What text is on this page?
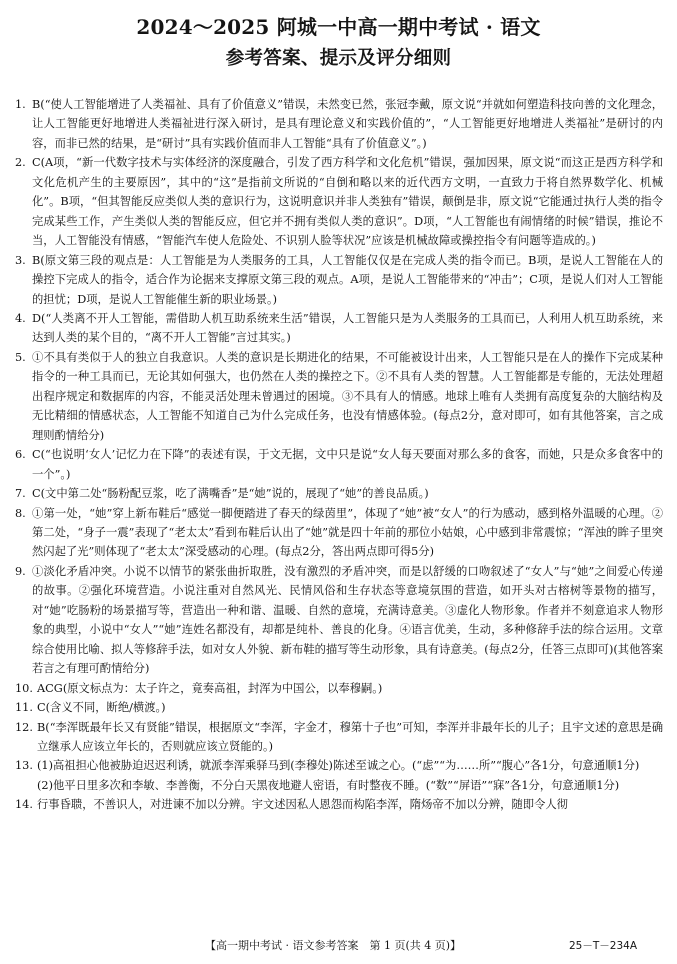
2024～2025 阿城一中高一期中考试 · 语文
参考答案、提示及评分细则
1. B(“使人工智能增进了人类福祉、具有了价值意义”错误，未然变已然，张冠李戴，原文说“并就如何塑造科技向善的文化理念，让人工智能更好地增进人类福祉进行深入研讨，是具有理论意义和实践价值的”，“人工智能更好地增进人类福祉”是研讨的内容，而非已然的结果，是“研讨”具有实践价值而非人工智能“具有了价值意义”。)
2. C(A项，“新一代数字技术与实体经济的深度融合，引发了西方科学和文化危机”错误，强加因果，原文说“而这正是西方科学和文化危机产生的主要原因”，其中的“这”是指前文所说的“自倒和略以来的近代西方文明，一直致力于将自然界数学化、机械化”。B项，“但其智能反应类似人类的意识行为，这说明意识并非人类独有”错误，颠倒是非，原文说“它能通过执行人类的指令完成某些工作，产生类似人类的智能反应，但它并不拥有类似人类的意识”。D项，“人工智能也有闹情绪的时候”错误，推论不当，人工智能没有情感，“智能汽车使人危险处、不识别人脸等状况”应该是机械故障或操控指令有问题等造成的。)
3. B(原文第三段的观点是：人工智能是为人类服务的工具，人工智能仅仅是在完成人类的指令而已。B项，是说人工智能在人的操控下完成人的指令，适合作为论据来支撑原文第三段的观点。A项，是说人工智能带来的“冲击”；C项，是说人们对人工智能的担忧；D项，是说人工智能催生新的职业场景。)
4. D(“人类离不开人工智能，需借助人机互助系统来生活”错误，人工智能只是为人类服务的工具而已，人利用人机互助系统，来达到人类的某个目的，“离不开人工智能”言过其实。)
5. ①不具有类似于人的独立自我意识。人类的意识是长期进化的结果，不可能被设计出来，人工智能只是在人的操作下完成某种指令的一种工具而已，无论其如何强大，也仍然在人类的操控之下。②不具有人类的智慧。人工智能都是专能的，无法处理超出程序规定和数据库的内容，不能灵活处理未曾遇过的困境。③不具有人的情感。地球上唯有人类拥有高度复杂的大脑结构及无比精细的情感状态，人工智能不知道自己为什么完成任务，也没有情感体验。(每点2分，意对即可，如有其他答案，言之成理则酌情给分)
6. C(“也说明‘女人’记忆力在下降”的表述有误，于文无据，文中只是说“女人每天要面对那么多的食客，而她，只是众多食客中的一个”。)
7. C(文中第二处“肠粉配豆浆，吃了满嘴香”是“她”说的，展现了“她”的善良品质。)
8. ①第一处，“她”穿上新布鞋后“感觉一脚便踏进了春天的绿茵里”，体现了“她”被“女人”的行为感动，感到格外温暖的心理。②第二处，“身子一震”表现了“老太太”看到布鞋后认出了“她”就是四十年前的那位小姑娘，心中感到非常震惊；“浑浊的眸子里突然闪起了光”则体现了“老太太”深受感动的心理。(每点2分，答出两点即可得5分)
9. ①淡化矛盾冲突。小说不以情节的紧张曲折取胜，没有激烈的矛盾冲突，而是以舒缓的口吻叙述了“女人”与“她”之间爱心传递的故事。②强化环境营造。小说注重对自然风光、民情风俗和生存状态等意境氛围的营造，如开头对古榕树等景物的描写，对“她”吃肠粉的场景描写等，营造出一种和谐、温暖、自然的意境，充满诗意美。③虚化人物形象。作者并不刻意追求人物形象的典型，小说中“女人”“她”连姓名都没有，却都是纯朴、善良的化身。④语言优美，生动，多种修辞手法的综合运用。文章综合使用比喻、拟人等修辞手法，如对女人外貌、新布鞋的描写等生动形象，具有诗意美。(每点2分，任答三点即可)(其他答案若言之有理可酌情给分)
10. ACG(原文标点为：太子许之，竟奏高祖，封浑为中国公，以奉穆嗣。)
11. C(含义不同，断绝/横渡。)
12. B(“李浑既最年长又有贤能”错误，根据原文“李浑，字金才，穆第十子也”可知，李浑并非最年长的儿子；且宇文述的意思是确立继承人应该立年长的，否则就应该立贤能的。)
13. (1)高祖担心他被胁迫迟迟利诱，就派李浑乘驿马到(李穆处)陈述至诚之心。(“虑”“为……所”“腹心”各1分，句意通顺1分)
(2)他平日里多次和李敏、李善衡，不分白天黑夜地避人密语，有时整夜不睡。(“数”“屏语”“寐”各1分，句意通顺1分)
14. 行事昏聩，不善识人，对进谏不加以分辨。宇文述因私人恩怨而构陷李浑，隋炀帝不加以分辨，随即令人彻
【高一期中考试 · 语文参考答案　第 1 页(共 4 页)】	25－T－234A
